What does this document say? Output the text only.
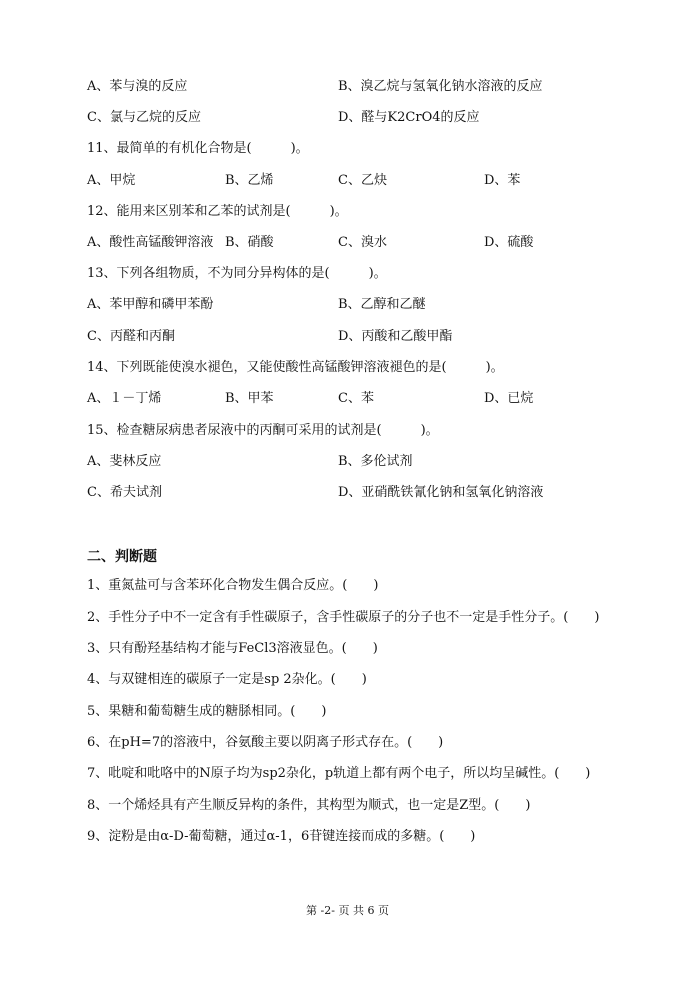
A、苯与溴的反应	B、溴乙烷与氢氧化钠水溶液的反应
C、氯与乙烷的反应	D、醛与K2CrO4的反应
11、最简单的有机化合物是(　　　)。
A、甲烷	B、乙烯	C、乙炔	D、苯
12、能用来区别苯和乙苯的试剂是(　　　)。
A、酸性高锰酸钾溶液 B、硝酸	C、溴水	D、硫酸
13、下列各组物质，不为同分异构体的是(　　　)。
A、苯甲醇和磷甲苯酚	B、乙醇和乙醚
C、丙醛和丙酮	D、丙酸和乙酸甲酯
14、下列既能使溴水褪色，又能使酸性高锰酸钾溶液褪色的是(　　　)。
A、１－丁烯	B、甲苯	C、苯	D、已烷
15、检查糖尿病患者尿液中的丙酮可采用的试剂是(　　　)。
A、斐林反应	B、多伦试剂
C、希夫试剂	D、亚硝酰铁氰化钠和氢氧化钠溶液
二、判断题
1、重氮盐可与含苯环化合物发生偶合反应。(　　)
2、手性分子中不一定含有手性碳原子，含手性碳原子的分子也不一定是手性分子。(　　)
3、只有酚羟基结构才能与FeCl3溶液显色。(　　)
4、与双键相连的碳原子一定是sp 2杂化。(　　)
5、果糖和葡萄糖生成的糖脎相同。(　　)
6、在pH=7的溶液中，谷氨酸主要以阴离子形式存在。(　　)
7、吡啶和吡咯中的N原子均为sp2杂化，p轨道上都有两个电子，所以均呈碱性。(　　)
8、一个烯烃具有产生顺反异构的条件，其构型为顺式，也一定是Z型。(　　)
9、淀粉是由α-D-葡萄糖，通过α-1，6苷键连接而成的多糖。(　　)
第 -2- 页 共 6 页
